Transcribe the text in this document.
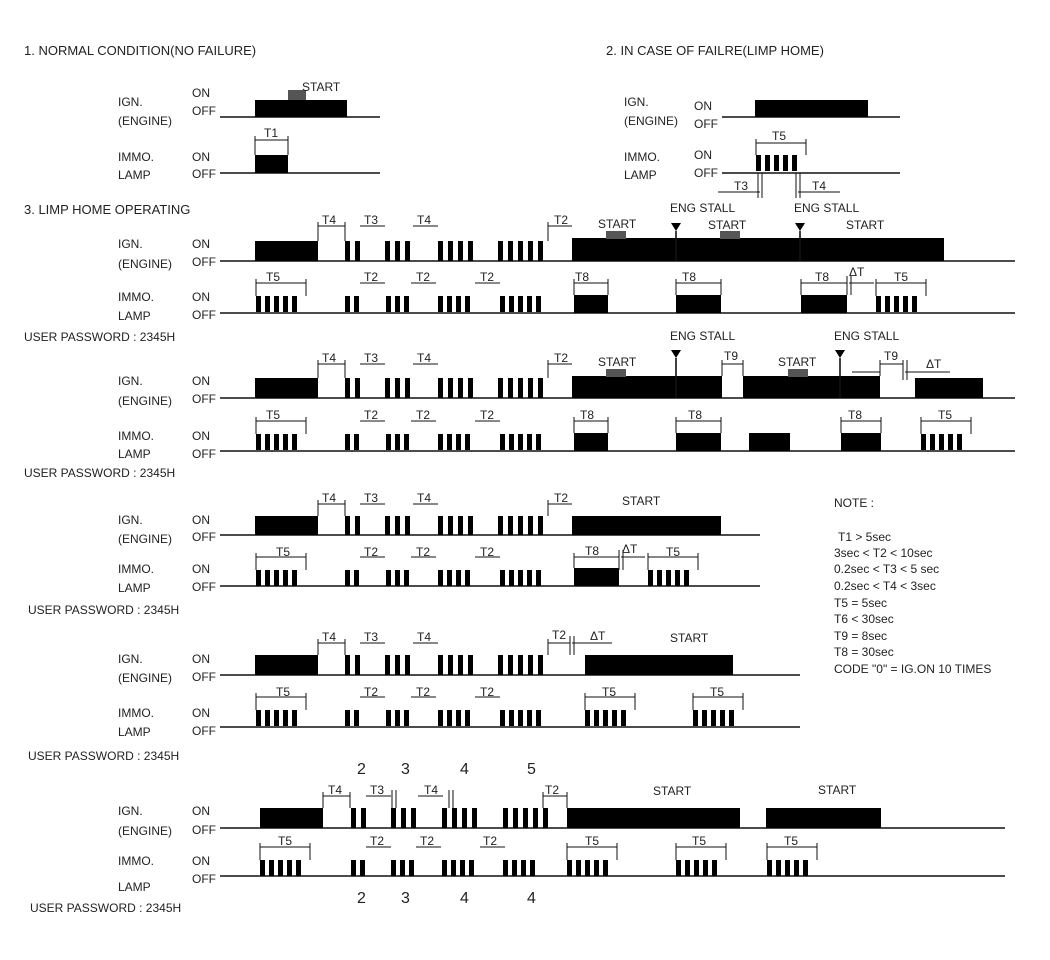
1. NORMAL CONDITION(NO FAILURE)
IGN.
(ENGINE)
ON
OFF
START
IMMO.
LAMP
ON
OFF
T1
2. IN CASE OF FAILRE(LIMP HOME)
IGN.
(ENGINE)
ON
OFF
IMMO.
LAMP
ON
OFF
T5
T3	T4
3. LIMP HOME OPERATING
IGN.
(ENGINE)
ON
OFF
T4 T3	T4	T2 START	START	START
ENG STALL	ENG STALL
IMMO.
LAMP
ON
OFF
T5	T2	T2	T2	T8	T8	T8 ΔT T5
USER PASSWORD : 2345H
IGN.
(ENGINE)
ON
OFF
T4 T3	T4	T2 START	START
ENG STALL
T9
ENG STALL
T9
ΔT
IMMO.
LAMP
ON
OFF
T5	T2	T2	T2	T8	T8	T8	T5
USER PASSWORD : 2345H
IGN.
(ENGINE)
ON
OFF
T4 T3	T4	T2	START
IMMO.
LAMP
ON
OFF
T5	T2	T2	T2	T8 ΔT T5
USER PASSWORD : 2345H
NOTE :
T1 > 5sec
3sec < T2 < 10sec
0.2sec < T3 < 5 sec
0.2sec < T4 < 3sec
T5 = 5sec
T6 < 30sec
T9 = 8sec
T8 = 30sec
CODE "0" = IG.ON 10 TIMES
IGN.
(ENGINE)
ON
OFF
T4 T3	T4	T2 ΔT	START
IMMO.
LAMP
ON
OFF
T5	T2	T2	T2	T5	T5
USER PASSWORD : 2345H
2 3	4	5
IGN.
(ENGINE)
ON
OFF
T4 T3	T4	T2	START	START
IMMO.
LAMP
ON
OFF
T5	T2	T2	T2	T5	T5	T5
2 3	4	4
USER PASSWORD : 2345H
